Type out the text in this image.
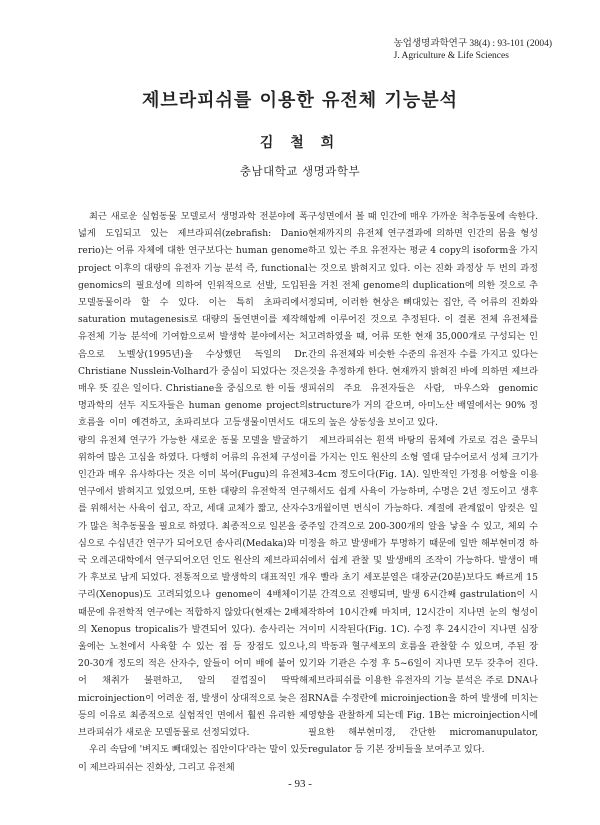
농업생명과학연구 38(4) : 93-101 (2004)
J. Agriculture & Life Sciences
제브라피쉬를 이용한 유전체 기능분석
김 철 희
충남대학교 생명과학부

최근 새로운 실험동물 모델로서 생명과학 전분야에 폭넓게 도입되고 있는 제브라피쉬(zebrafish: Danio rerio)는 어류 자체에 대한 연구보다는 human genome project 이후의 대량의 유전자 기능 분석 즉, functional genomics의 필요성에 의하여 인위적으로 선발, 도입된 모델동물이라 할 수 있다. 이는 특히 초파리에서 saturation mutagenesis로 대량의 돌연변이를 제작해 유전체 기능 분석에 기여함으로써 발생학 분야에서는 처음으로 노벨상(1995년)을 수상했던 독일의 Dr. Christiane Nusslein-Volhard가 중심이 되었다는 것은 매우 뜻 깊은 일이다. Christiane을 중심으로 한 이들 생명과학의 선두 지도자들은 human genome project의 흐름을 이미 예견하고, 초파리보다 고등생물이면서도 대량의 유전체 연구가 가능한 새로운 동물 모델을 발굴하기 위하여 많은 고심을 하였다. 다행히 어류의 유전체 구성이 인간과 매우 유사하다는 것은 이미 복어(Fugu)의 유전체 연구에서 밝혀지고 있었으며, 또한 대량의 유전학적 연구를 위해서는 사육이 쉽고, 작고, 세대 교체가 짧고, 산자수가 많은 척추동물을 필요로 하였다. 최종적으로 일본을 중심으로 수십년간 연구가 되어오던 송사리(Medaka)와 미국 오레곤대학에서 연구되어오던 인도 원산의 제브라피쉬가 후보로 남게 되었다. 전통적으로 발생학의 대표적인 개구리(Xenopus)도 고려되었으나 genome이 4배체이기 때문에 유전학적 연구에는 적합하지 않았다(현재는 2배체의 Xenopus tropicalis가 발견되어 있다). 송사리는 겨울에는 노천에서 사육할 수 있는 점 등 장점도 있으나, 20-30개 정도의 적은 산자수, 알들이 어미 배에 붙어 있어 채취가 불편하고, 알의 겉껍질이 딱딱해 microinjection이 어려운 점, 발생이 상대적으로 늦은 점 등의 이유로 최종적으로 실험적인 면에서 훨씬 유리한 제브라피쉬가 새로운 모델동물로 선정되었다.

우리 속담에 '벼지도 빼대있는 집안이다'라는 말이 있듯이 제브라피쉬는 진화상, 그리고 유전체

구성면에서 볼 때 인간에 매우 가까운 척추동물에 속한다. 현재까지의 유전체 연구결과에 의하면 인간의 몸을 형성하고 있는 주요 유전자는 평균 4 copy의 isoform을 가지는 것으로 밝혀지고 있다. 이는 진화 과정상 두 번의 과정을 거친 전체 genome의 duplication에 의한 것으로 추정되며, 이러한 현상은 뼈대있는 집안, 즉 어류의 진화와 함께 이루어진 것으로 추정된다. 이 결론 전체 유전체를 고려하였을 때, 어류 또한 현재 35,000개로 구성되는 인간의 유전체와 비슷한 수준의 유전자 수를 가지고 있다는 것을 추정하게 한다. 현재까지 밝혀진 바에 의하면 제브라피쉬의 주요 유전자들은 사람, 마우스와 genomic structure가 거의 같으며, 아미노산 배열에서는 90% 정도의 높은 상동성을 보이고 있다.

제브라피쉬는 흰색 바탕의 몸체에 가로로 검은 줄무늬를 가지는 인도 원산의 소형 열대 담수어로서 성체 크기가 3-4cm 정도이다(Fig. 1A). 일반적인 가정용 어항을 이용해서도 쉽게 사육이 가능하며, 수명은 2년 정도이고 생후 3개월이면 번식이 가능하다. 계절에 관계없이 암컷은 일주일 간격으로 200-300개의 알을 낳을 수 있고, 체외 수정을 하고 발생배가 투명하기 때문에 일반 해부현미경 하에서 쉽게 관찰 및 발생배의 조작이 가능하다. 발생이 매우 빨라 초기 세포분열은 대장균(20분)보다도 빠르게 15분 간격으로 진행되며, 발생 6시간째 gastrulation이 시작하여 10시간째 마치며, 12시간이 지나면 눈의 형성이 이미 시작된다(Fig. 1C). 수정 후 24시간이 지나면 심장의 박동과 혈구세포의 흐름을 관찰할 수 있으며, 주된 장기와 기관은 수정 후 5~6일이 지나면 모두 갖추어 진다. 제브라피쉬를 이용한 유전자의 기능 분석은 주로 DNA나 RNA를 수정란에 microinjection을 하여 발생에 미치는 영향을 관찰하게 되는데 Fig. 1B는 microinjection시에 필요한 해부현미경, 간단한 micromanupulator, regulator 등 기본 장비들을 보여주고 있다.

- 93 -
